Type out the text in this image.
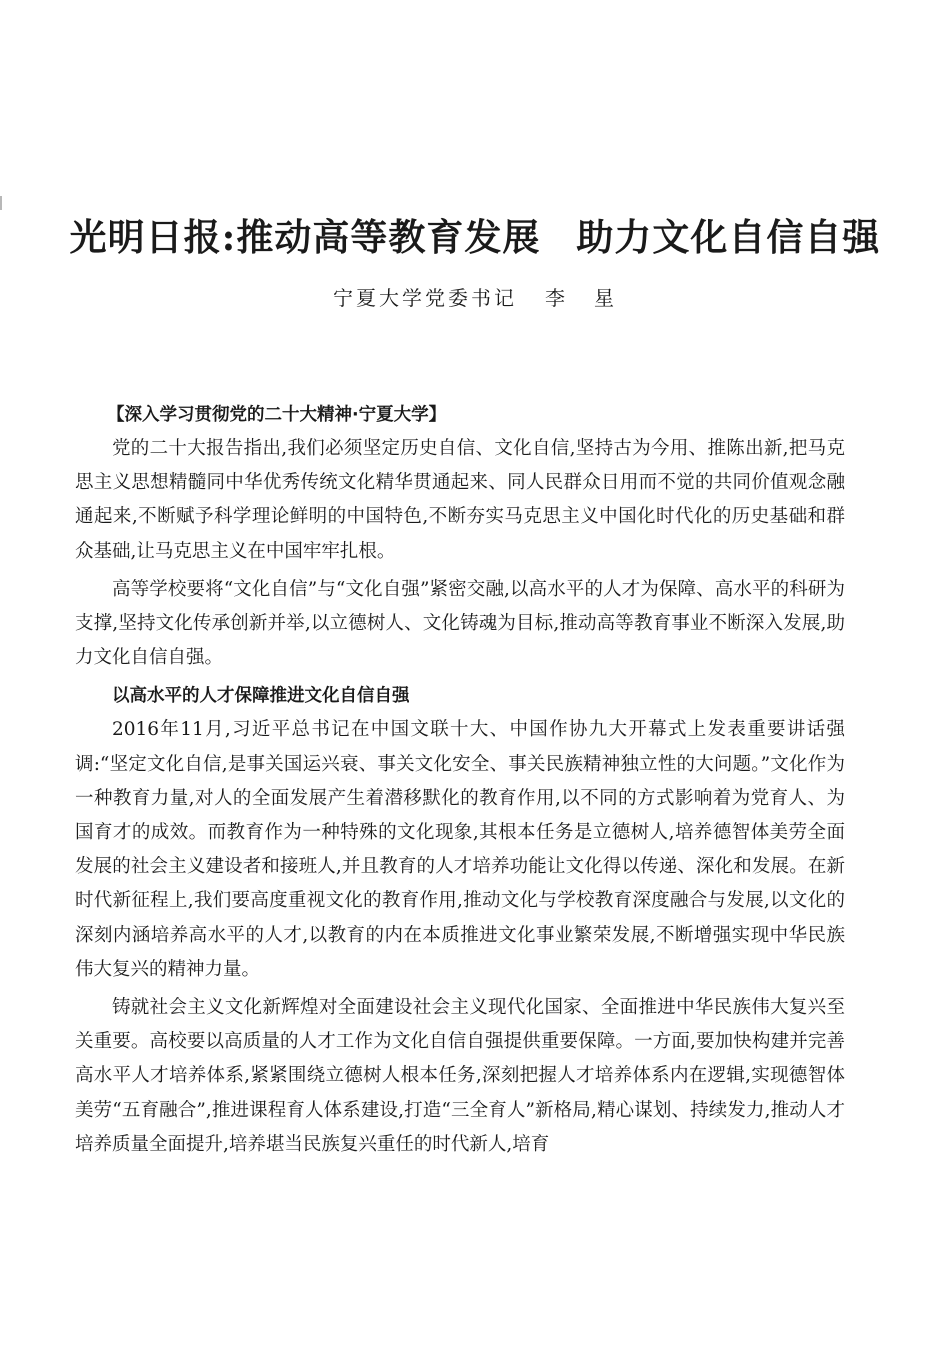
光明日报:推动高等教育发展 助力文化自信自强
宁夏大学党委书记 李 星

【深入学习贯彻党的二十大精神·宁夏大学】

党的二十大报告指出,我们必须坚定历史自信、文化自信,坚持古为今用、推陈出新,把马克思主义思想精髓同中华优秀传统文化精华贯通起来、同人民群众日用而不觉的共同价值观念融通起来,不断赋予科学理论鲜明的中国特色,不断夯实马克思主义中国化时代化的历史基础和群众基础,让马克思主义在中国牢牢扎根。

高等学校要将“文化自信”与“文化自强”紧密交融,以高水平的人才为保障、高水平的科研为支撑,坚持文化传承创新并举,以立德树人、文化铸魂为目标,推动高等教育事业不断深入发展,助力文化自信自强。

以高水平的人才保障推进文化自信自强

2016年11月,习近平总书记在中国文联十大、中国作协九大开幕式上发表重要讲话强调:“坚定文化自信,是事关国运兴衰、事关文化安全、事关民族精神独立性的大问题。”文化作为一种教育力量,对人的全面发展产生着潜移默化的教育作用,以不同的方式影响着为党育人、为国育才的成效。而教育作为一种特殊的文化现象,其根本任务是立德树人,培养德智体美劳全面发展的社会主义建设者和接班人,并且教育的人才培养功能让文化得以传递、深化和发展。在新时代新征程上,我们要高度重视文化的教育作用,推动文化与学校教育深度融合与发展,以文化的深刻内涵培养高水平的人才,以教育的内在本质推进文化事业繁荣发展,不断增强实现中华民族伟大复兴的精神力量。

铸就社会主义文化新辉煌对全面建设社会主义现代化国家、全面推进中华民族伟大复兴至关重要。高校要以高质量的人才工作为文化自信自强提供重要保障。一方面,要加快构建并完善高水平人才培养体系,紧紧围绕立德树人根本任务,深刻把握人才培养体系内在逻辑,实现德智体美劳“五育融合”,推进课程育人体系建设,打造“三全育人”新格局,精心谋划、持续发力,推动人才培养质量全面提升,培养堪当民族复兴重任的时代新人,培育
